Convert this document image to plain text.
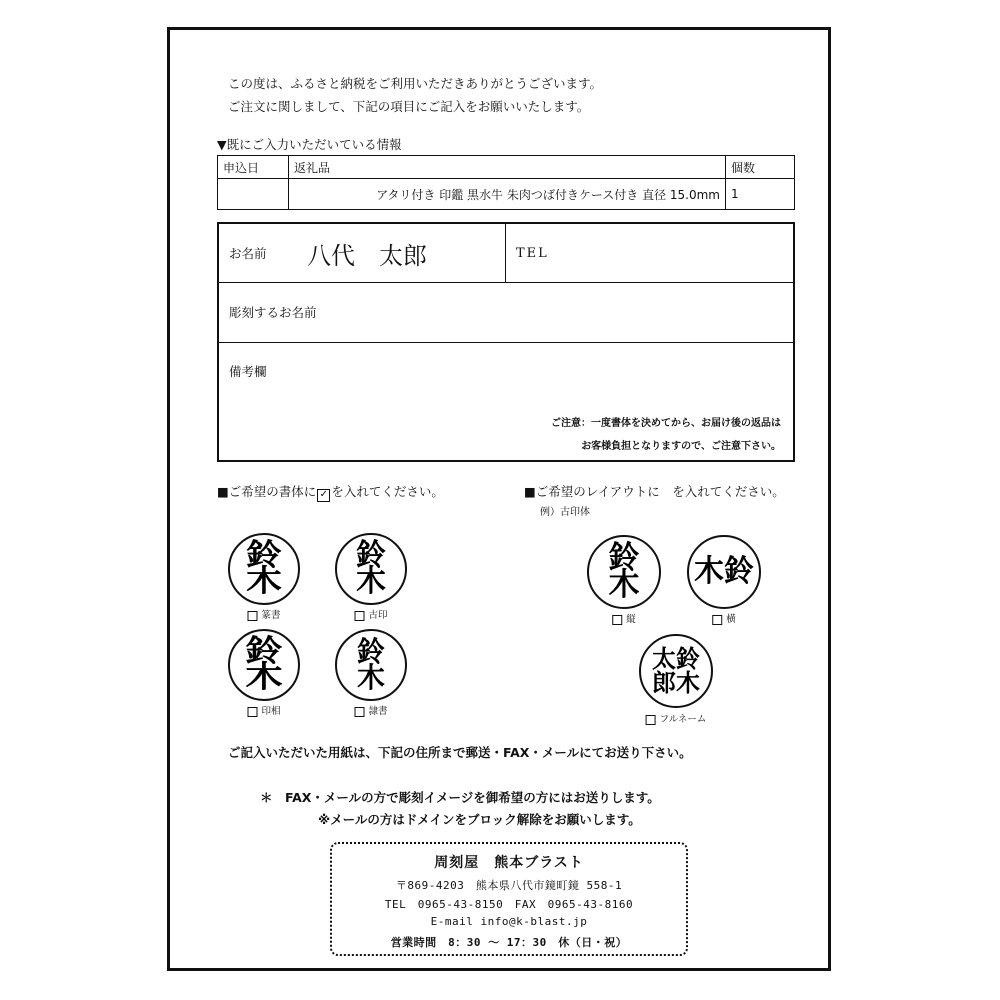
この度は、ふるさと納税をご利用いただきありがとうございます。
ご注文に関しまして、下記の項目にご記入をお願いいたします。
▼既にご入力いただいている情報
申込日	返礼品	個数
	アタリ付き 印鑑 黒水牛 朱肉つば付きケース付き 直径 15.0mm	1
お名前 八代　太郎	TEL
彫刻するお名前
備考欄
ご注意：一度書体を決めてから、お届け後の返品は
お客様負担となりますので、ご注意下さい。
■ご希望の書体に ✓ を入れてください。	■ご希望のレイアウトに　を入れてください。
例）古印体
鈴
木
篆書
鈴
木
古印
鈴
木
印相
鈴
木
隷書
鈴
木
縦
木 鈴
横
太 鈴
郎 木
フルネーム
ご記入いただいた用紙は、下記の住所まで郵送・FAX・メールにてお送り下さい。
＊　FAX・メールの方で彫刻イメージを御希望の方にはお送りします。
※メールの方はドメインをブロック解除をお願いします。
周刻屋　熊本ブラスト
〒869-4203　熊本県八代市鏡町鏡 558-1
TEL　0965-43-8150　FAX　0965-43-8160
E-mail info@k-blast.jp
営業時間　8：30 〜 17：30　休（日・祝）
